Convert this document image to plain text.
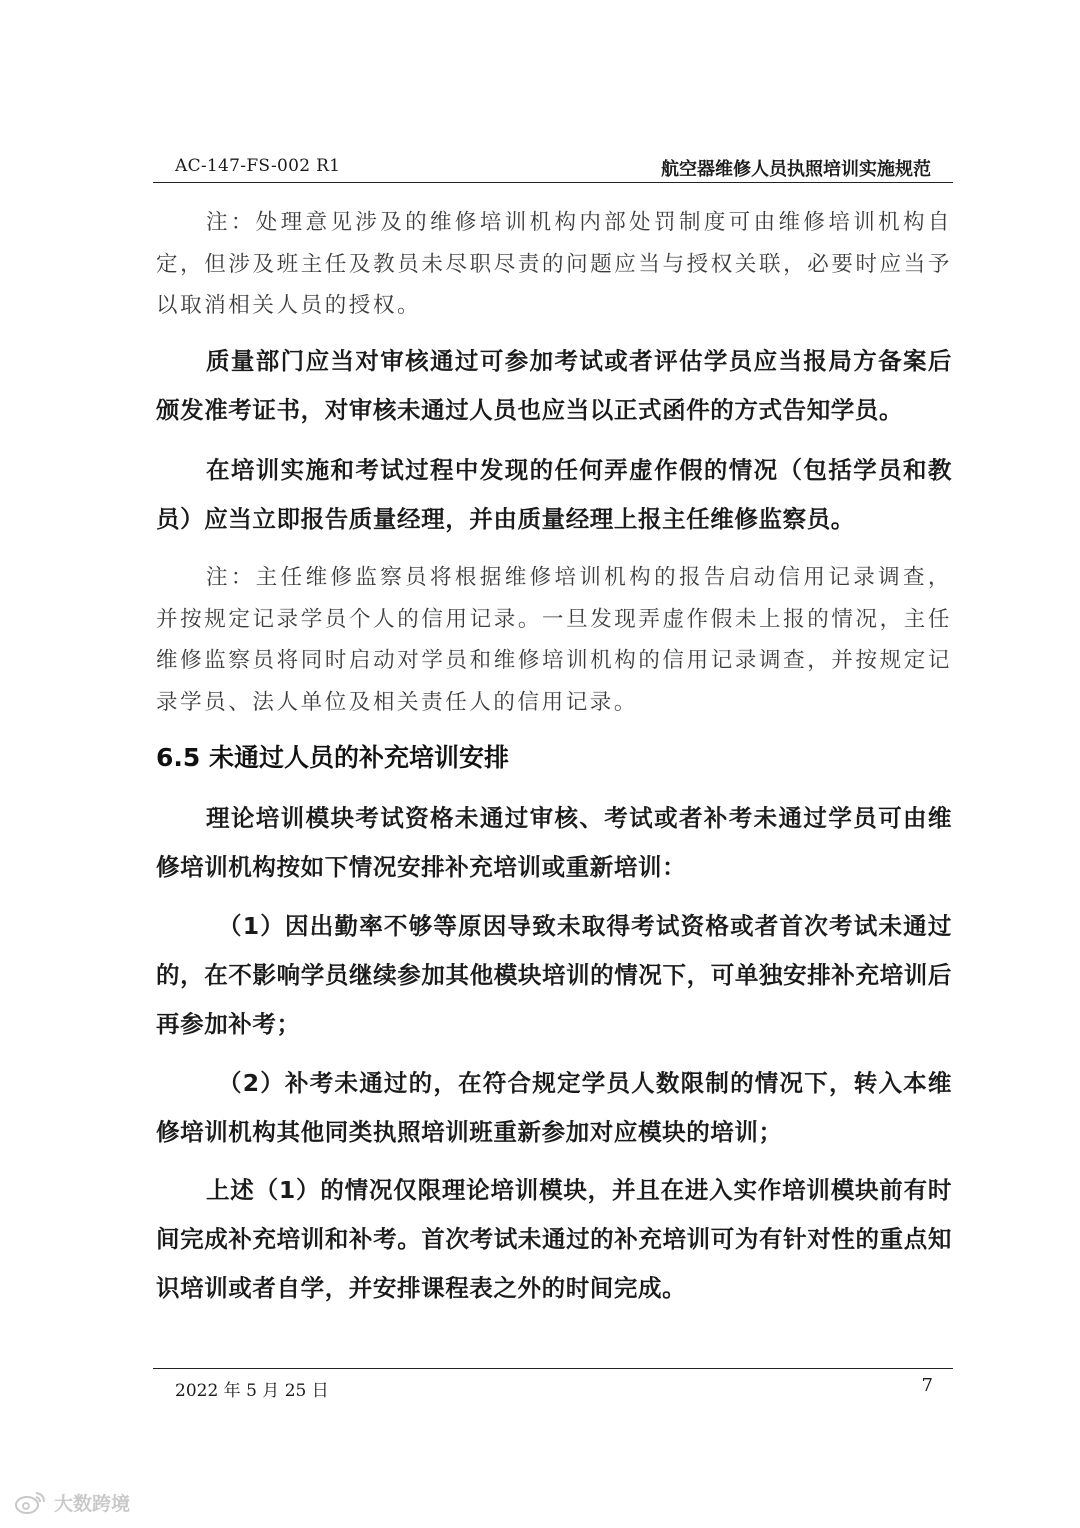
AC-147-FS-002 R1	航空器维修人员执照培训实施规范

注：处理意见涉及的维修培训机构内部处罚制度可由维修培训机构自定，但涉及班主任及教员未尽职尽责的问题应当与授权关联，必要时应当予以取消相关人员的授权。

质量部门应当对审核通过可参加考试或者评估学员应当报局方备案后颁发准考证书，对审核未通过人员也应当以正式函件的方式告知学员。

在培训实施和考试过程中发现的任何弄虚作假的情况（包括学员和教员）应当立即报告质量经理，并由质量经理上报主任维修监察员。

注：主任维修监察员将根据维修培训机构的报告启动信用记录调查，并按规定记录学员个人的信用记录。一旦发现弄虚作假未上报的情况，主任维修监察员将同时启动对学员和维修培训机构的信用记录调查，并按规定记录学员、法人单位及相关责任人的信用记录。

6.5 未通过人员的补充培训安排

理论培训模块考试资格未通过审核、考试或者补考未通过学员可由维修培训机构按如下情况安排补充培训或重新培训：

（1）因出勤率不够等原因导致未取得考试资格或者首次考试未通过的，在不影响学员继续参加其他模块培训的情况下，可单独安排补充培训后再参加补考；

（2）补考未通过的，在符合规定学员人数限制的情况下，转入本维修培训机构其他同类执照培训班重新参加对应模块的培训；

上述（1）的情况仅限理论培训模块，并且在进入实作培训模块前有时间完成补充培训和补考。首次考试未通过的补充培训可为有针对性的重点知识培训或者自学，并安排课程表之外的时间完成。

2022 年 5 月 25 日	7
大数跨境
